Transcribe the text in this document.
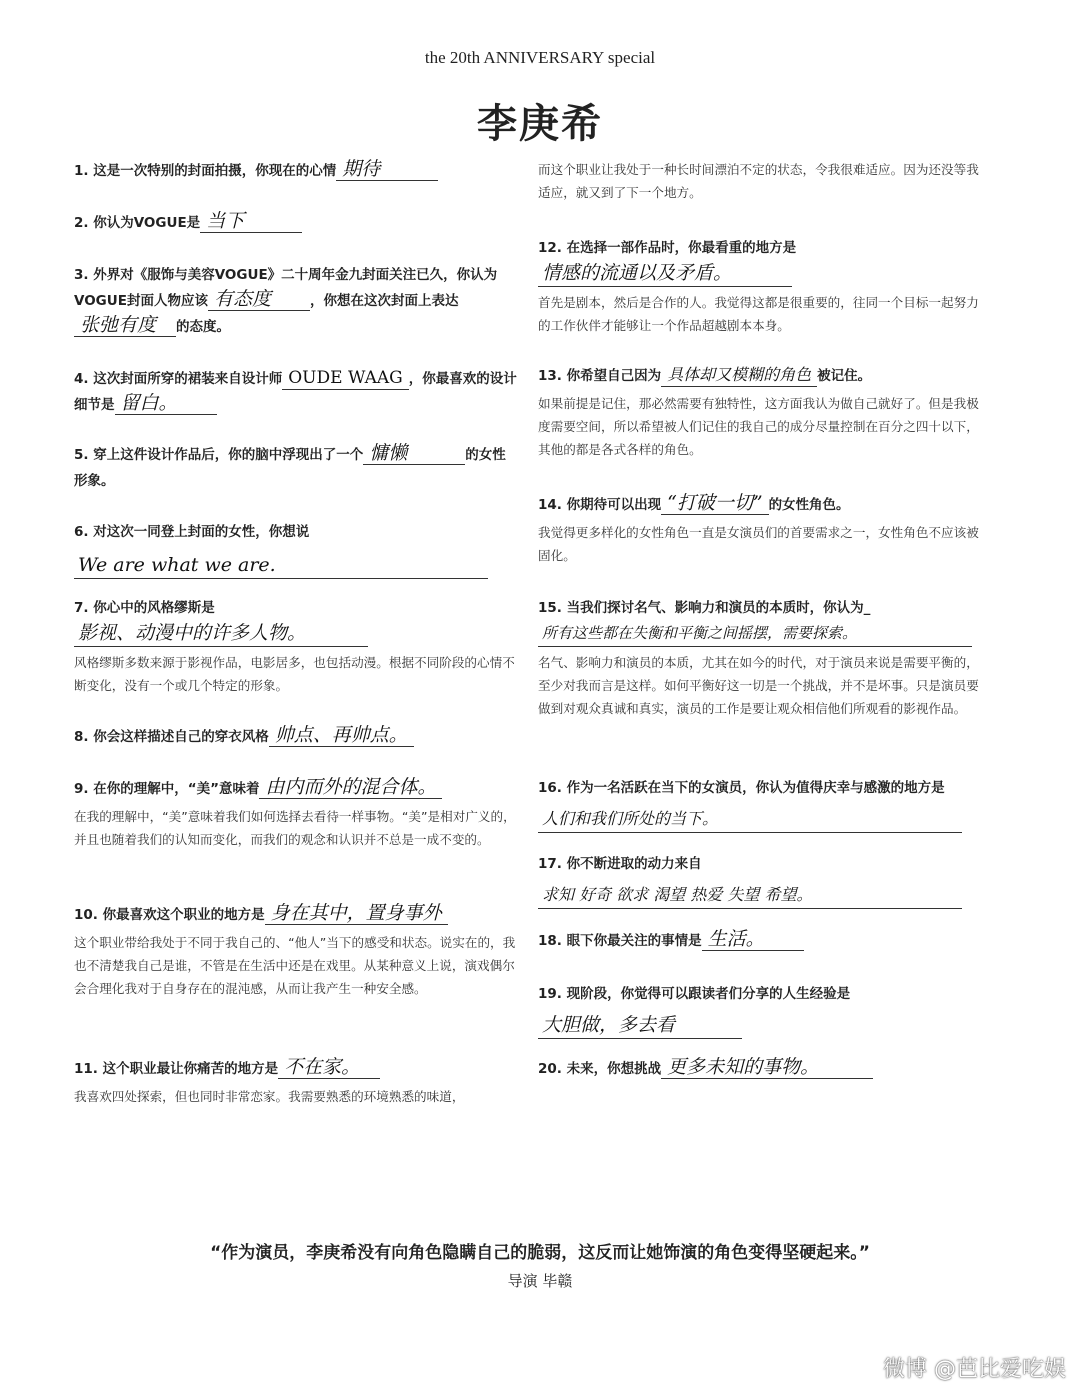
the 20th ANNIVERSARY special
李庚希

1. 这是一次特别的封面拍摄，你现在的心情 期待

2. 你认为VOGUE是 当下

3. 外界对《服饰与美容VOGUE》二十周年金九封面关注已久，你认为VOGUE封面人物应该 有态度	，你想在这次封面上表达
张弛有度 的态度。

4. 这次封面所穿的裙装来自设计师 OUDE WAAG ，你最喜欢的设计细节是 留白。

5. 穿上这件设计作品后，你的脑中浮现出了一个 慵懒	的女性形象。

6. 对这次一同登上封面的女性，你想说

We are what we are.

7. 你心中的风格缪斯是

影视、动漫中的许多人物。

风格缪斯多数来源于影视作品，电影居多，也包括动漫。根据不同阶段的心情不断变化，没有一个或几个特定的形象。

8. 你会这样描述自己的穿衣风格 帅点、再帅点。

9. 在你的理解中，“美”意味着 由内而外的混合体。

在我的理解中，“美”意味着我们如何选择去看待一样事物。“美”是相对广义的，并且也随着我们的认知而变化，而我们的观念和认识并不总是一成不变的。

10. 你最喜欢这个职业的地方是 身在其中，置身事外

这个职业带给我处于不同于我自己的、“他人”当下的感受和状态。说实在的，我也不清楚我自己是谁，不管是在生活中还是在戏里。从某种意义上说，演戏偶尔会合理化我对于自身存在的混沌感，从而让我产生一种安全感。

11. 这个职业最让你痛苦的地方是 不在家。

我喜欢四处探索，但也同时非常恋家。我需要熟悉的环境熟悉的味道，

而这个职业让我处于一种长时间漂泊不定的状态，令我很难适应。因为还没等我适应，就又到了下一个地方。

12. 在选择一部作品时，你最看重的地方是

情感的流通以及矛盾。

首先是剧本，然后是合作的人。我觉得这都是很重要的，往同一个目标一起努力的工作伙伴才能够让一个作品超越剧本本身。

13. 你希望自己因为 具体却又模糊的角色 被记住。

如果前提是记住，那必然需要有独特性，这方面我认为做自己就好了。但是我极度需要空间，所以希望被人们记住的我自己的成分尽量控制在百分之四十以下，其他的都是各式各样的角色。

14. 你期待可以出现 “打破一切” 的女性角色。

我觉得更多样化的女性角色一直是女演员们的首要需求之一，女性角色不应该被固化。

15. 当我们探讨名气、影响力和演员的本质时，你认为_

所有这些都在失衡和平衡之间摇摆，需要探索。

名气、影响力和演员的本质，尤其在如今的时代，对于演员来说是需要平衡的，至少对我而言是这样。如何平衡好这一切是一个挑战，并不是坏事。只是演员要做到对观众真诚和真实，演员的工作是要让观众相信他们所观看的影视作品。

16. 作为一名活跃在当下的女演员，你认为值得庆幸与感激的地方是

人们和我们所处的当下。

17. 你不断进取的动力来自

求知 好奇 欲求 渴望 热爱 失望 希望。

18. 眼下你最关注的事情是 生活。

19. 现阶段，你觉得可以跟读者们分享的人生经验是

大胆做，多去看

20. 未来，你想挑战 更多未知的事物。

“作为演员，李庚希没有向角色隐瞒自己的脆弱，这反而让她饰演的角色变得坚硬起来。”
导演 毕赣
微博 @芭比爱吃娱
